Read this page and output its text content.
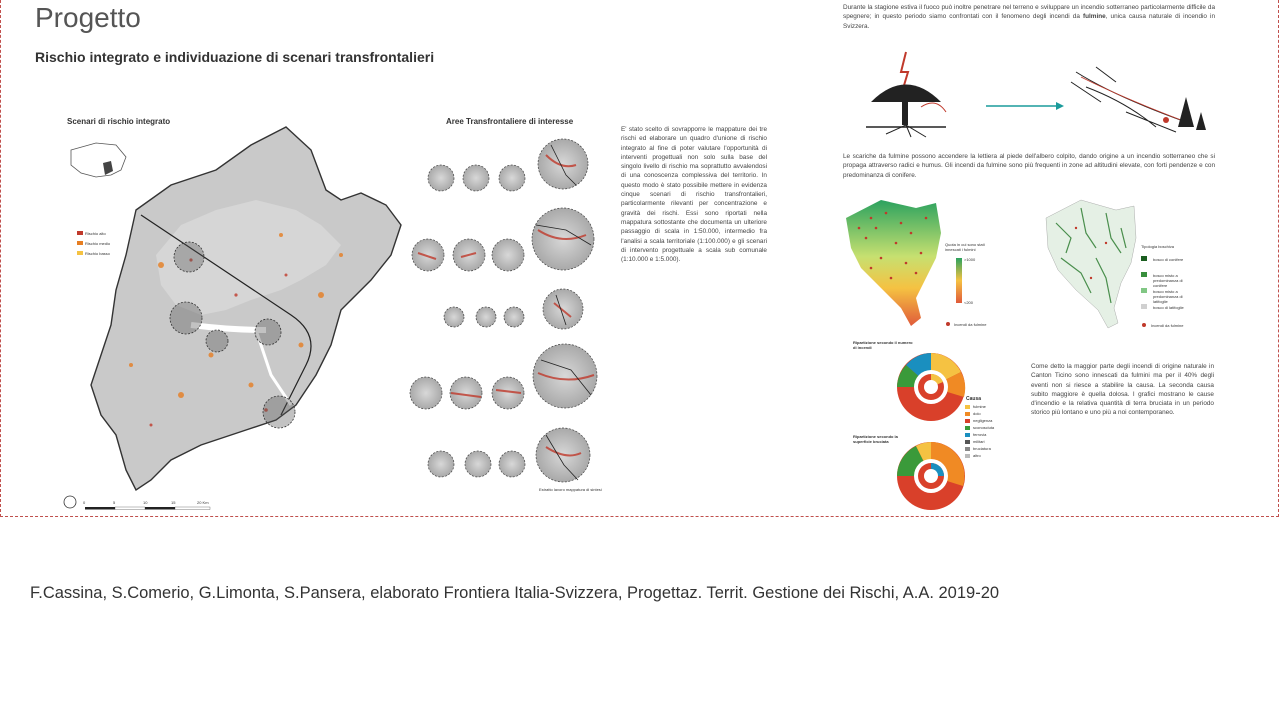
Progetto
Rischio integrato e individuazione di scenari transfrontalieri
Scenari di rischio integrato	Aree Transfrontaliere di interesse
Rischio alto
Rischio medio
Rischio basso
0	5	10	15	20 Km
Estratto lavoro mappatura di sintesi
E' stato scelto di sovrapporre le mappature dei tre rischi ed elaborare un quadro d'unione di rischio integrato al fine di poter valutare l'opportunità di interventi progettuali non solo sulla base del singolo livello di rischio ma soprattutto avvalendosi di una conoscenza complessiva del territorio. In questo modo è stato possibile mettere in evidenza cinque scenari di rischio transfrontalieri, particolarmente rilevanti per concentrazione e gravità dei rischi. Essi sono riportati nella mappatura sottostante che documenta un ulteriore passaggio di scala in 1:50.000, intermedio fra l'analisi a scala territoriale (1:100.000) e gli scenari di intervento progettuale a scala sub comunale (1:10.000 e 1:5.000).
Durante la stagione estiva il fuoco può inoltre penetrare nel terreno e sviluppare un incendio sotterraneo particolarmente difficile da spegnere; in questo periodo siamo confrontati con il fenomeno degli incendi da fulmine, unica causa naturale di incendio in Svizzera.
Le scariche da fulmine possono accendere la lettiera al piede dell'albero colpito, dando origine a un incendio sotterraneo che si propaga attraverso radici e humus. Gli incendi da fulmine sono più frequenti in zone ad altitudini elevate, con forti pendenze e con predominanza di conifere.
Quota in cui sono stati innescati i fulmini
>1000
<200
Incendi da fulmine
Tipologia boschiva
bosco di conifere
bosco misto a predominanza di conifere
bosco misto a predominanza di latifoglie
bosco di latifoglie
Incendi da fulmine
Ripartizione secondo il numero di incendi
Ripartizione secondo la superficie bruciata
Causa
fulmine
dolo
negligenza
sconosciuta
ferrovia
militari
bruciatura
altro
Come detto la maggior parte degli incendi di origine naturale in Canton Ticino sono innescati da fulmini ma per il 40% degli eventi non si riesce a stabilire la causa. La seconda causa subito maggiore è quella dolosa. I grafici mostrano le cause d'incendio e la relativa quantità di terra bruciata in un periodo storico più lontano e uno più a noi contemporaneo.
F.Cassina, S.Comerio, G.Limonta, S.Pansera, elaborato Frontiera Italia-Svizzera, Progettaz. Territ. Gestione dei Rischi, A.A. 2019-20
